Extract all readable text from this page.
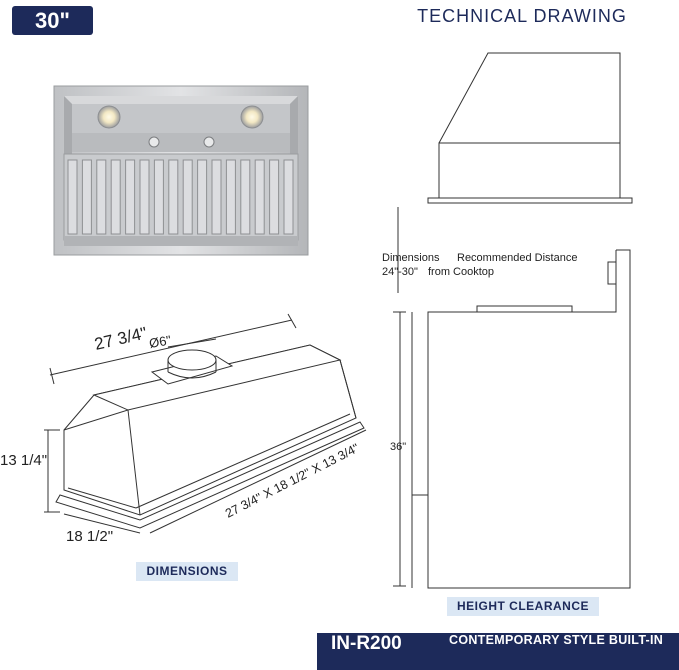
30"	TECHNICAL DRAWING
27 3/4" Ø6"
13 1/4"
18 1/2"
27 3/4" X 18 1/2" X 13 3/4"
Dimensions
24"-30"
Recommended Distance
from Cooktop
36"
DIMENSIONS
HEIGHT CLEARANCE
IN-R200	CONTEMPORARY STYLE BUILT-IN
